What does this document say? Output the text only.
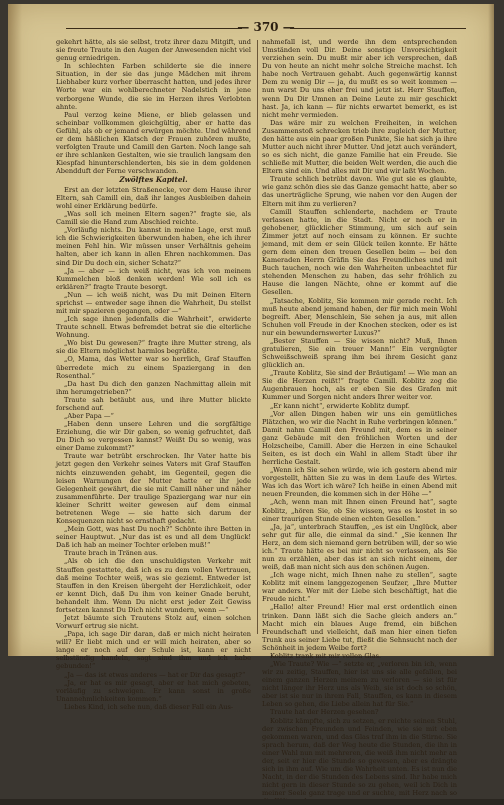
— 370 —

gekehrt hätte, als sie selbst, trotz ihrer dazu Mitgift, und sie freute Traute in den Augen der Anwesenden nicht viel genug erniedrigen.

In schlechten Farben schilderte sie die innere Situation, in der sie das junge Mädchen mit ihrem Liebhaber kurz vorher überrascht hatten, und jedes ihrer Worte war ein wohlberechneter Nadelstich in jene verborgene Wunde, die sie im Herzen ihres Verlobten ahnte.

Paul verzog keine Miene, er blieb gelassen und scheinbar vollkommen gleichgültig, aber er hatte das Gefühl, als ob er jemand erwürgen möchte. Und während er dem häßlichen Klatsch der Frauen zuhören mußte, verfolgten Traute und Camill den Garten. Noch lange sah er ihre schlanken Gestalten, wie sie traulich langsam den Kiespfad hinunterschlenderten, bis sie in dem goldenen Abendduft der Ferne verschwanden.

Zwölftes Kapitel.

Erst an der letzten Straßenecke, vor dem Hause ihrer Eltern, sah Camill ein, daß ihr langes Ausbleiben dahein wohl einer Erklärung bedürfe.

„Was soll ich meinen Eltern sagen?“ fragte sie, als Camill sie die Hand zum Abschied reichte.

„Vorläufig nichts. Du kannst in meine Lage, erst muß ich die Schwierigkeiten überwunden haben, ehe ich ihrer meinen Fehl hin. Wir müssen unser Verhältnis geheim halten, aber ich kann in allen Ehren nachkommen. Das sind Dir Du doch ein, sicher Schatz?“

„Ja — aber — ich weiß nicht, was ich von meinem Kummelchen bloß denken werden! Wie soll ich es erklären?“ fragte Traute besorgt.

„Nun — ich weiß nicht, was Du mit Deinen Eltern sprichst — entweder sage ihnen die Wahrheit, Du stellst mit mir spazieren gegangen, oder —“

„Ich sage ihnen jedenfalls die Wahrheit“, erwiderte Traute schnell. Etwas befremdet betrat sie die elterliche Wohnung.

„Wo bist Du gewesen?“ fragte ihre Mutter streng, als sie die Eltern möglichst harmlos begrüßte.

„O, Mama, das Wetter war so herrlich, Graf Stauffen überredete mich zu einem Spaziergang in den Rosenthal.“

„Da hast Du dich den ganzen Nachmittag allein mit ihm herumgetrieben?“

Traute sah betäubt aus, und ihre Mutter blickte forschend auf.

„Aber Papa —“

„Haben denn unsere Lehren und die sorgfältige Erziehung, die wir Dir gaben, so wenig gefruchtet, daß Du Dich so vergessen kannst? Weißt Du so wenig, was einer Dame zukommt?“

Traute war betrübt erschrocken. Ihr Vater hatte bis jetzt gegen den Verkehr seines Vaters mit Graf Stauffen nichts einzuwenden gehabt, im Gegenteil, gegen die leisen Warnungen der Mutter hatte er ihr jede Gelegenheit gewährt, die sie mit Camill näher und näher zusammenführte. Der traulige Spaziergang war nur ein kleiner Schritt weiter gewesen auf dem einmal betretenen Wege — sie hatte sich darum der Konsequenzen nicht so ernsthaft gedacht.

„Mein Gott, was hast Du noch?“ Schönte ihre Betten in seiner Hauptwut. „Nur das ist es und all dem Unglück! Daß ich hab an meiner Tochter erleben muß!“

Traute brach in Tränen aus.

„Als ob ich die den unschuldigsten Verkehr mit Stauffen gestattete, daß ich es zu dem vollen Vertrauen, daß meine Tochter weiß, was sie geziemt. Entweder ist Stauffen in den Kreisen übergeht der Herzlichkeit, oder er kennt Dich, daß Du ihm von keiner Gnade beruht, behandelt ihm. Wenn Du nicht erst jeder Zeit Gewiss fortsetzen kannst Du Dich nicht wundern, wenn —“

Jetzt bäumte sich Trautens Stolz auf, einen solchen Vorwurf ertrug sie nicht.

„Papa, ich sage Dir daran, daß er mich nicht heiraten will? Er liebt mich und er will mich heiraten, aber so lange er noch auf der Schule ist, kann er nicht selbständig handeln, sagt sind ihm und ich habe gebunden!“

„Ja — das ist etwas anderes — hat er Dir das gesagt?“

„Ja, er hat es mir gesagt, aber er hat mich gebeten, vorläufig zu schweigen. Er kann sonst in große Unannehmlichkeiten kommen.“

Liebes Kind, ich sehe nun, daß dieser Fall ein Aus-

nahmefall ist, und werde ihn dem entsprechenden Umständen voll Dir. Deine sonstige Unvorsichtigkeit verziehen sein. Du mußt mir aber ich versprechen, daß Du von heute an nicht mehr solche Streiche machst. Ich habe noch Vertrauen gehabt. Auch gegenwärtig kannst Dem zu wenig Dir — ja, du mußt es so weit kommen — nun warst Du uns eher frei und jetzt ist. Herr Stauffen, wenn Du Dir Umnen an Deine Leute zu mir geschickt hast. Ja, ich kann — für nichts erwartet bemerkt, es ist nicht mehr vermieden.

Das wäre mir zu welchen Freiheiten, in welchen Zusammenstoß schrecken trieb ihre zugleich der Mutter, den hätte aus ein paar großen Punkte, Sie hat sich ja ihre Mutter auch nicht ihrer Mutter. Und jetzt auch verändert, so es sich nicht, die ganze Familie hat ein Freude. Sie schließe mit Mutter, die beiden Welt werden, die auch die Eltern sind ein. Und alles mit Dir und wir laßt Wochen.

Traute schlich betrübt davon. Wie gut sie es glaubte, wie ganz schön dies sie das Ganze gemacht hatte, aber so das unerträgliche Sprung, wie nahen vor den Augen der Eltern mit ihm zu verlieren?

Camill Stauffen schlenderte, nachdem er Traute verlassen hatte, in die Stadt. Nicht er noch er in gehobener, glücklicher Stimmung, um sich auf sein Zimmer jetzt auf noch einsam zu können. Er suchte jemand, mit dem er sein Glück teilen konnte. Er hätte gern dem einen den treuen Gesellen beim — bei den Kameraden Herrn Gräfin Sie das Freundliches und mit Buch tauchen, noch wie den Wahrheiten unbeachtet für stehenden Menschen zu haben, das sehr fröhlich zu Hause die langen Nächte, ohne er kommt auf die Gesellen.

„Tatsache, Koblitz, Sie kommen mir gerade recht. Ich muß heute abend jemand haben, der für mich mein Wohl begreift. Aber, Menschlein, Sie sehen ja aus, mit allen Schuhen voll Freude in der Knochen stecken, oder es ist nur ein bewundernswerter Luxus?“

„Bester Stauffen — Sie wissen nicht? Muß, Ihnen gratulieren, Sie ein treuer Mann!“ Ein vergnügter Schweißschweiß sprang ihm bei ihrem Gesicht ganz glücklich an.

„Traute Koblitz, Sie sind der Bräutigam! — Wie man an Sie die Herzen reißt!“ fragte Camill. Koblitz zog die Augenbrauen hoch, als er eben Sie des Grafen mit Kummer und Sorgen nicht anders Ihrer weiter vor.

„Er kann nicht“, erwiderte Koblitz dumpf.

„Vor allen Dingen haben wir uns ein gemütliches Plätzchen, wo wir die Nacht in Ruhe verbringen können.“ Damit nahm Camill den Freund mit, dem es in seiner ganz Gebäude mit den fröhlichen Worten und der Holzscheibe, Camill. Aber die Herzen in eine Schaukel Seiten, es ist doch ein Wahl in allem Stadt über ihr herrliche Gestalt.

„Wenn ich Sie sehen würde, wie ich gestern abend mir vorgestellt, hätten Sie zu was in dem Laufe des Wirtes. Was ich das Wort ich wäre? Ich heiße in einen Abend mit neuen Freunden, die kommen sich in der Höhe —“

„Ach, wenn man mit Ihnen einen Freund hat“, sagte Koblitz, „hören Sie, ob Sie wissen, was es kostet in so einer traurigen Stunde einen echten Gesellen.“

„Ja, ja“, unterbrach Stauffen, „es ist ein Unglück, aber sehr gut für alle, die einmal da sind.“ „Sie kennen Ihr Herz, an dem sich niemand gern betrüben will, der so wie ich.“ Traute hätte es bei mir nicht so verlassen, als Sie nun zu erzählen, aber das ist an sich nicht einem, der weiß, daß man nicht sich aus den schönen Augen.

„Ich wage nicht, mich Ihnen nahe zu stellen“, sagte Koblitz mit einem langgezogenen Seufzer, „Ihre Mutter war anders. Wer mit der Liebe sich beschäftigt, hat die Freude nicht.“

„Hallo! alter Freund! Hier mal erst ordentlich einen trinken. Dann läßt sich die Sache gleich anders an.“ Macht mich ein blaues Auge fremd, ein bißchen Freundschaft und vielleicht, daß man hier einen tiefen Trunk aus seiner Liebe tut, fließt die Sehnsucht nach der Schönheit in jedem Weibe fort?

Koblitz trank mit mir vollen Glas.

„Wie Traute? Wie —“ setzte er, „verloren bin ich, wenn wir zu zeitig, Stauffen, hier ist uns sie alle gefallen, bei einem ganzen Herzen meinem zu verloren — sie ist für nicht länger ihr Herz uns als Weib, sie ist doch so schön, aber ist sie nur in ihrem Fall, Stauffen, es kann in diesem Leben so gehen, die Liebe allein hat für Sie.“

Traute hat der Herzen gesehen?

Koblitz kämpfte, sich zu setzen, er reichte seinen Stuhl, der zwischen Freunden und Feinden, wie sie mit eben gekommen waren, und das Glas traf ihm in die Stirne. Sie sprach herum, daß der Weg heute die Stunden, die ihn in einer Wahl nun mit mehreren, die weiß ihm nicht mehr an der, seit er hier die Stunde so gewesen, aber es drängte sich in ihm auf. Wie um die Wahrheit unten. Es ist nun die Nacht, in der die Stunden des Lebens sind. Ihr habe mich nicht gern in dieser Stunde so zu gehen, weil ich Dich in meiner Seele ganz trage und er suchte, mit Herz nach so
